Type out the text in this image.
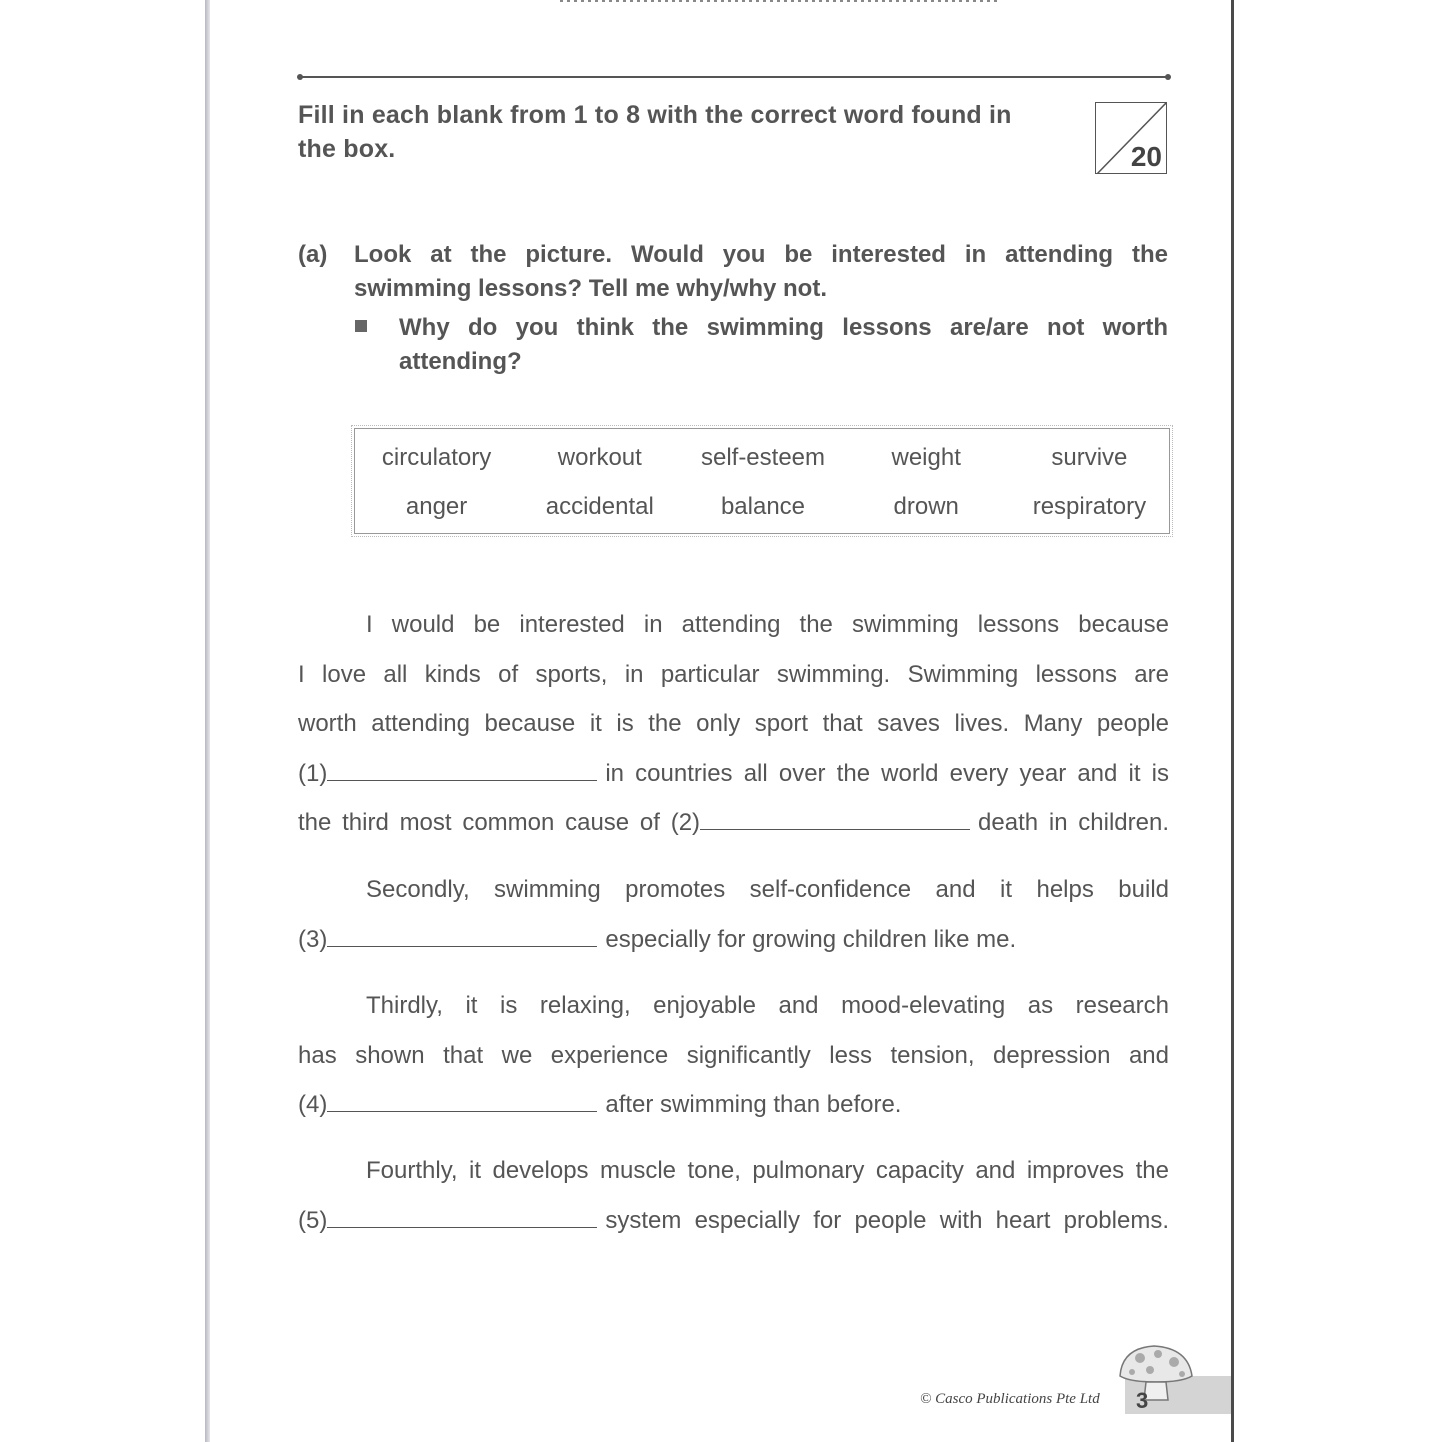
Fill in each blank from 1 to 8 with the correct word found in the box.	20
(a) Look at the picture. Would you be interested in attending the swimming lessons? Tell me why/why not.
Why do you think the swimming lessons are/are not worth attending?
circulatory	workout	self-esteem	weight	survive
anger	accidental	balance	drown	respiratory
I would be interested in attending the swimming lessons because
I love all kinds of sports, in particular swimming. Swimming lessons are
worth attending because it is the only sport that saves lives. Many people
(1)	in countries all over the world every year and it is
the third most common cause of (2)	death in children.
Secondly, swimming promotes self-confidence and it helps build
(3)	especially for growing children like me.
Thirdly, it is relaxing, enjoyable and mood-elevating as research
has shown that we experience significantly less tension, depression and
(4)	after swimming than before.
Fourthly, it develops muscle tone, pulmonary capacity and improves the
(5)	system especially for people with heart problems.
© Casco Publications Pte Ltd 3
